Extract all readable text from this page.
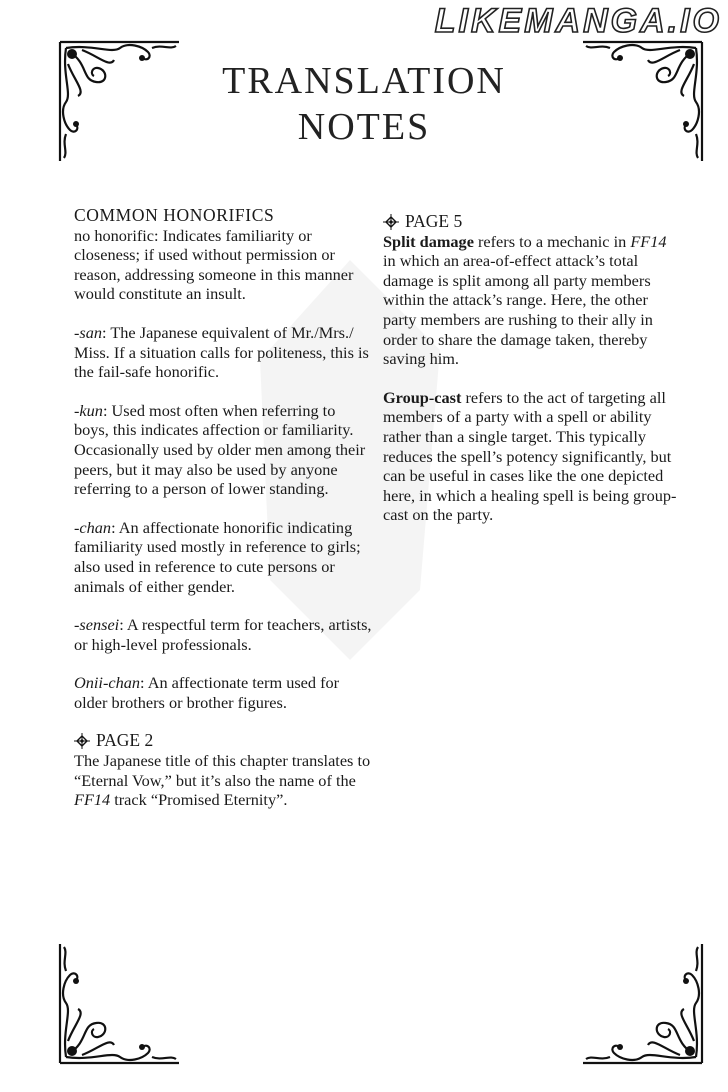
LIKEMANGA.IO
TRANSLATION
NOTES
COMMON HONORIFICS

no honorific: Indicates familiarity or closeness; if used without permission or reason, addressing someone in this manner would constitute an insult.

-san: The Japanese equivalent of Mr./Mrs./ Miss. If a situation calls for politeness, this is the fail-safe honorific.

-kun: Used most often when referring to boys, this indicates affection or familiarity. Occasionally used by older men among their peers, but it may also be used by anyone referring to a person of lower standing.

-chan: An affectionate honorific indicating familiarity used mostly in reference to girls; also used in reference to cute persons or animals of either gender.

-sensei: A respectful term for teachers, artists, or high-level professionals.

Onii-chan: An affectionate term used for older brothers or brother figures.

PAGE 2

The Japanese title of this chapter translates to “Eternal Vow,” but it’s also the name of the FF14 track “Promised Eternity”.

PAGE 5

Split damage refers to a mechanic in FF14 in which an area-of-effect attack’s total damage is split among all party members within the attack’s range. Here, the other party members are rushing to their ally in order to share the damage taken, thereby saving him.

Group-cast refers to the act of targeting all members of a party with a spell or ability rather than a single target. This typically reduces the spell’s potency significantly, but can be useful in cases like the one depicted here, in which a healing spell is being group-cast on the party.
